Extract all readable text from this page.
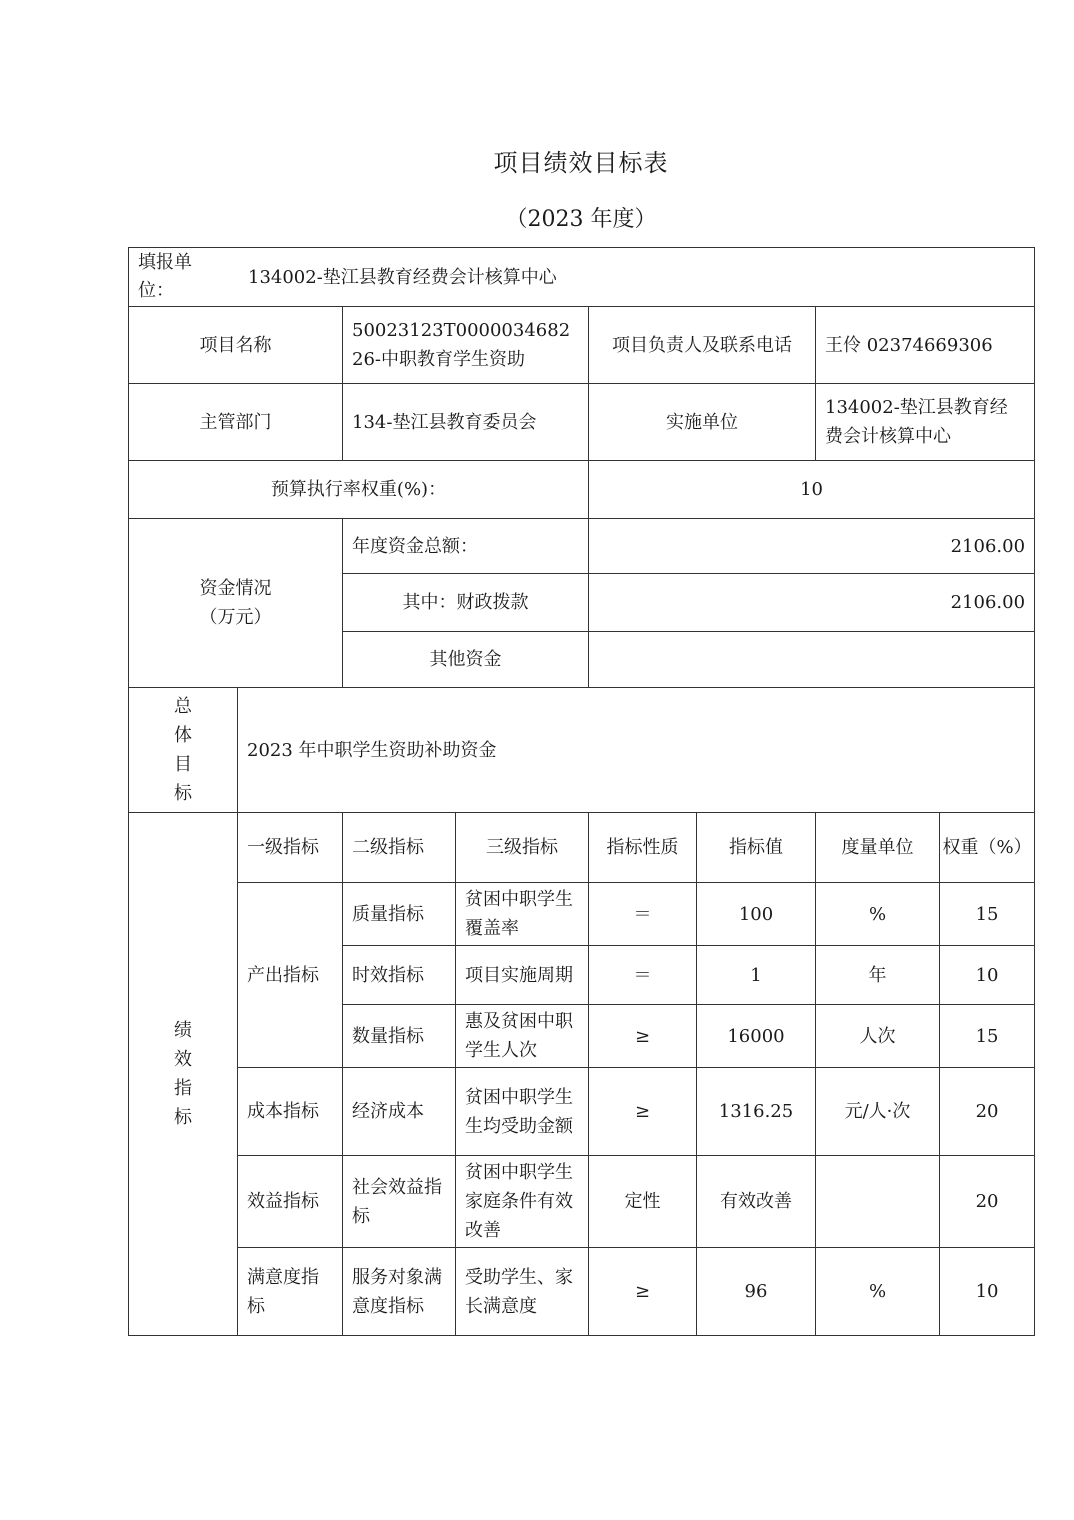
项目绩效目标表
（2023 年度）
填报单位：
134002-垫江县教育经费会计核算中心							

项目名称		50023123T000003468226-中职教育学生资助		项目负责人及联系电话		王伶 02374669306	
主管部门		134-垫江县教育委员会		实施单位		134002-垫江县教育经费会计核算中心	
预算执行率权重(%)：				10			
资金情况（万元）		年度资金总额：		2106.00			
		其中：财政拨款		2106.00			
		其他资金					
总体目标	2023 年中职学生资助补助资金						
绩效指标	一级指标	二级指标	三级指标	指标性质	指标值	度量单位	权重（%）
	产出指标	质量指标	贫困中职学生覆盖率	＝	100	%	15
		时效指标	项目实施周期	＝	1	年	10
		数量指标	惠及贫困中职学生人次	≥	16000	人次	15
	成本指标	经济成本	贫困中职学生生均受助金额	≥	1316.25	元/人·次	20
	效益指标	社会效益指标	贫困中职学生家庭条件有效改善	定性	有效改善		20
	满意度指标	服务对象满意度指标	受助学生、家长满意度	≥	96	%	10
